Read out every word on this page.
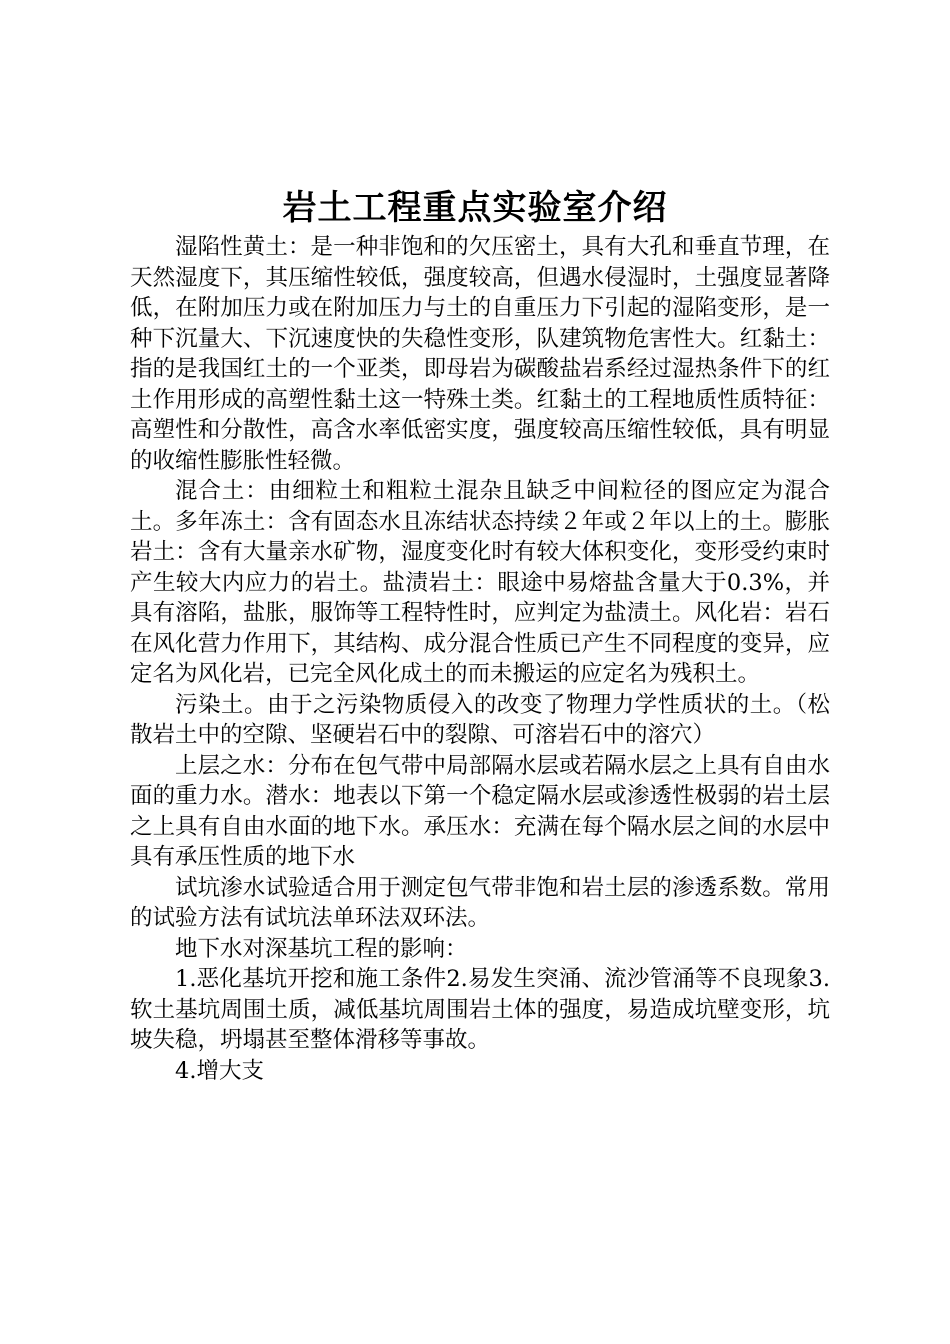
岩土工程重点实验室介绍

湿陷性黄土：是一种非饱和的欠压密土，具有大孔和垂直节理，在天然湿度下，其压缩性较低，强度较高，但遇水侵湿时，土强度显著降低，在附加压力或在附加压力与土的自重压力下引起的湿陷变形，是一种下沉量大、下沉速度快的失稳性变形，队建筑物危害性大。红黏土：指的是我国红土的一个亚类，即母岩为碳酸盐岩系经过湿热条件下的红土作用形成的高塑性黏土这一特殊土类。红黏土的工程地质性质特征：高塑性和分散性，高含水率低密实度，强度较高压缩性较低，具有明显的收缩性膨胀性轻微。

混合土：由细粒土和粗粒土混杂且缺乏中间粒径的图应定为混合土。多年冻土：含有固态水且冻结状态持续２年或２年以上的土。膨胀岩土：含有大量亲水矿物，湿度变化时有较大体积变化，变形受约束时产生较大内应力的岩土。盐渍岩土：眼途中易熔盐含量大于0.3%，并具有溶陷，盐胀，服饰等工程特性时，应判定为盐渍土。风化岩：岩石在风化营力作用下，其结构、成分混合性质已产生不同程度的变异，应定名为风化岩，已完全风化成土的而未搬运的应定名为残积土。

污染土。由于之污染物质侵入的改变了物理力学性质状的土。（松散岩土中的空隙、坚硬岩石中的裂隙、可溶岩石中的溶穴）

上层之水：分布在包气带中局部隔水层或若隔水层之上具有自由水面的重力水。潜水：地表以下第一个稳定隔水层或渗透性极弱的岩土层之上具有自由水面的地下水。承压水：充满在每个隔水层之间的水层中具有承压性质的地下水

试坑渗水试验适合用于测定包气带非饱和岩土层的渗透系数。常用的试验方法有试坑法单环法双环法。

地下水对深基坑工程的影响：

1.恶化基坑开挖和施工条件2.易发生突涌、流沙管涌等不良现象3.软土基坑周围土质，减低基坑周围岩土体的强度，易造成坑壁变形，坑坡失稳，坍塌甚至整体滑移等事故。

4.增大支
